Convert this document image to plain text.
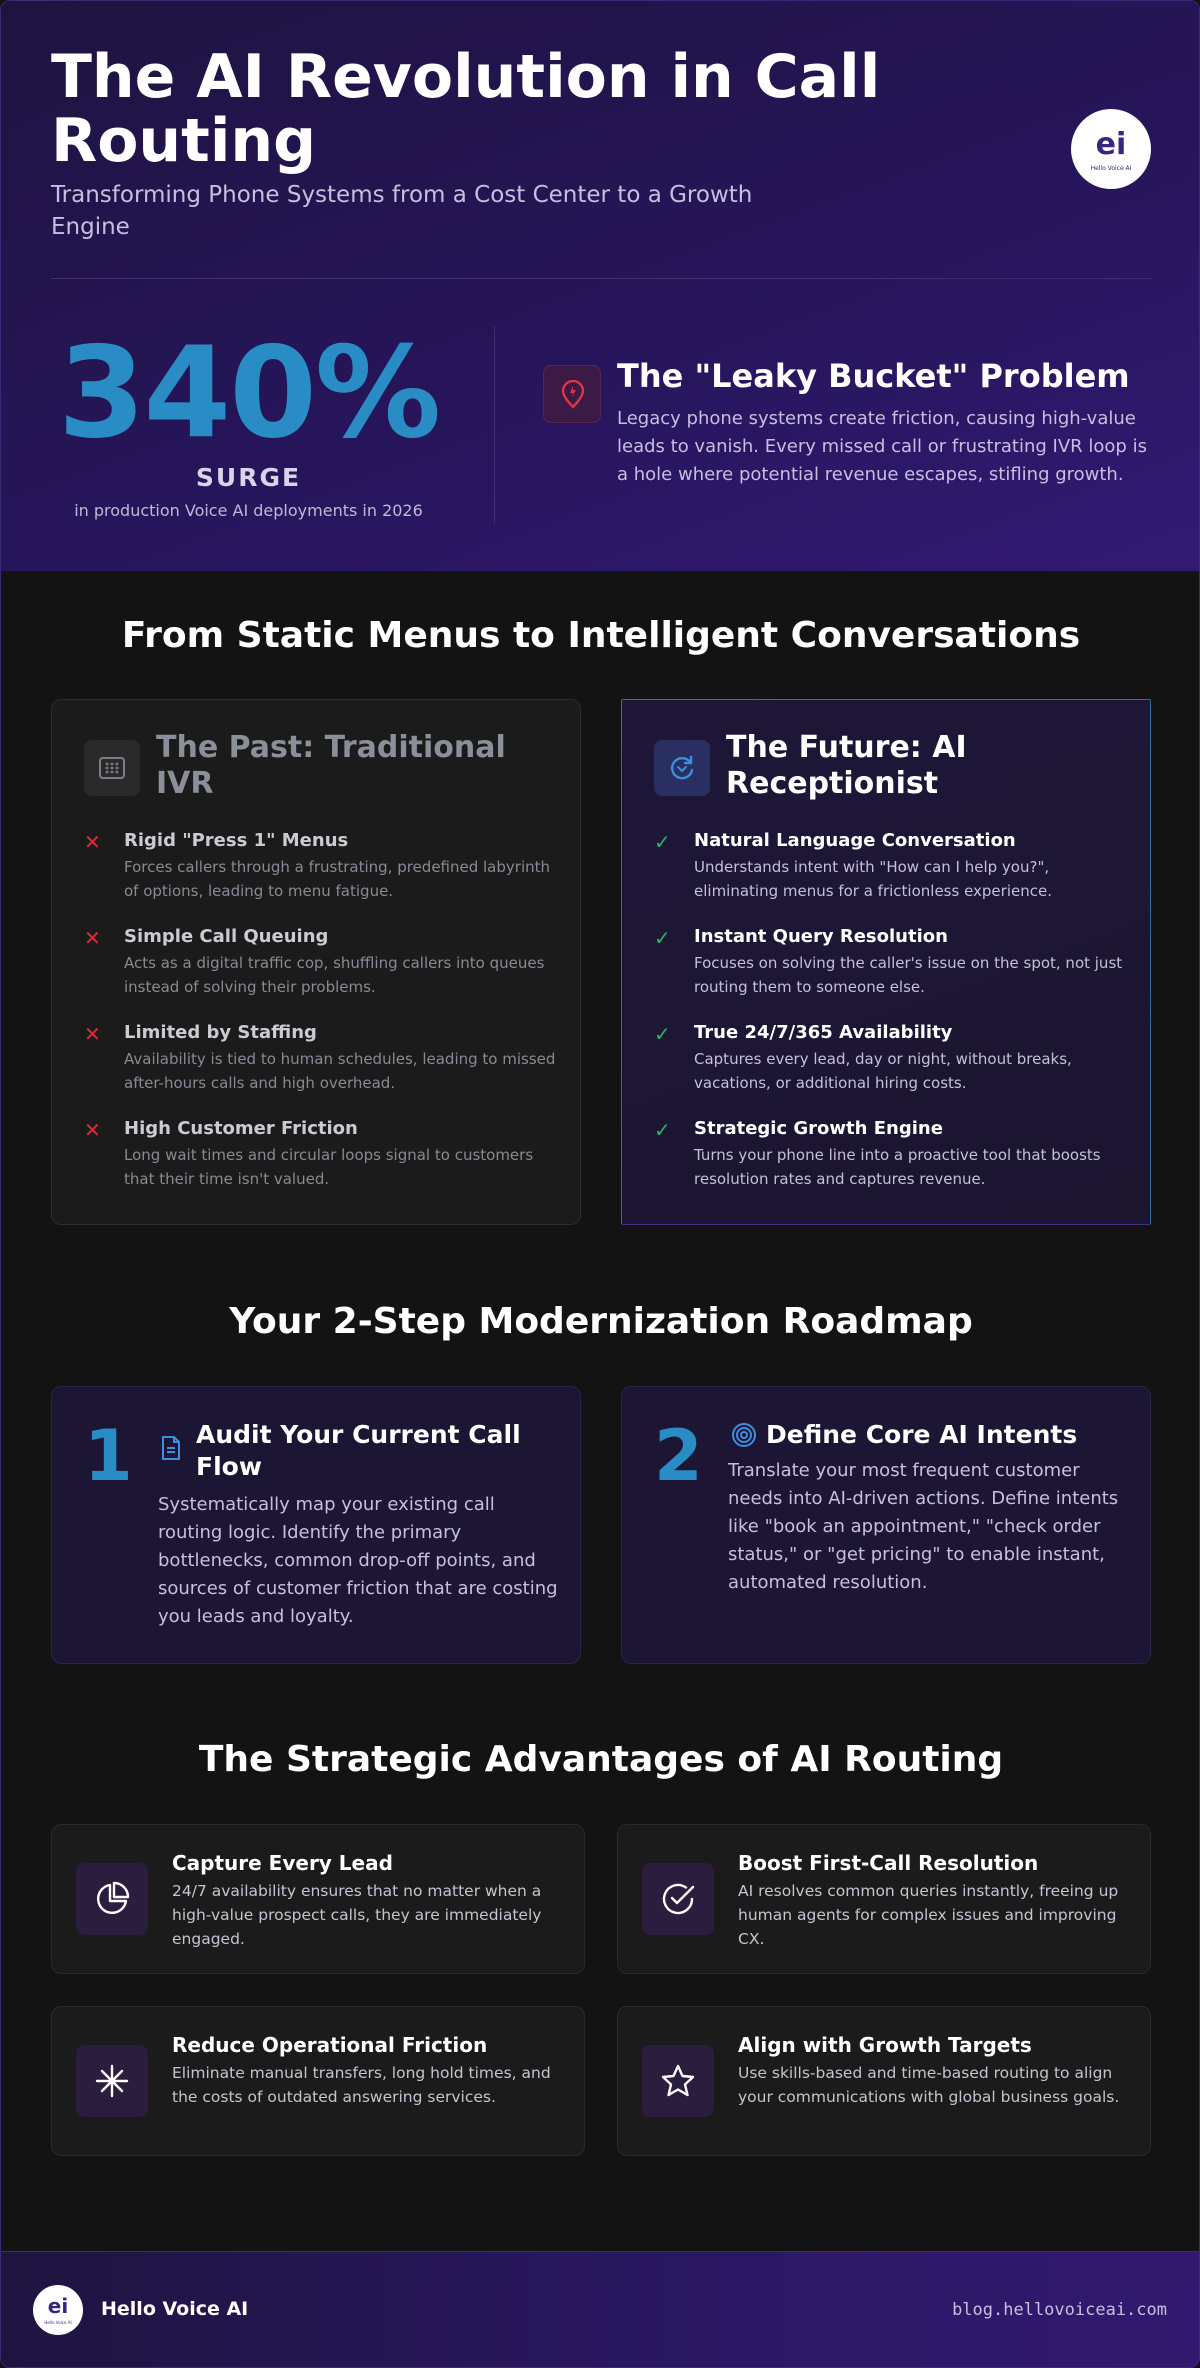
The AI Revolution in Call Routing

Transforming Phone Systems from a Cost Center to a Growth Engine

ei
Hello Voice AI
340%
SURGE
in production Voice AI deployments in 2026
The "Leaky Bucket" Problem

Legacy phone systems create friction, causing high-value leads to vanish. Every missed call or frustrating IVR loop is a hole where potential revenue escapes, stifling growth.

From Static Menus to Intelligent Conversations
The Past: Traditional IVR
✕	Rigid "Press 1" Menus
Forces callers through a frustrating, predefined labyrinth of options, leading to menu fatigue.
✕	Simple Call Queuing
Acts as a digital traffic cop, shuffling callers into queues instead of solving their problems.
✕	Limited by Staffing
Availability is tied to human schedules, leading to missed after-hours calls and high overhead.
✕	High Customer Friction
Long wait times and circular loops signal to customers that their time isn't valued.
The Future: AI Receptionist
✓	Natural Language Conversation
Understands intent with "How can I help you?", eliminating menus for a frictionless experience.
✓	Instant Query Resolution
Focuses on solving the caller's issue on the spot, not just routing them to someone else.
✓	True 24/7/365 Availability
Captures every lead, day or night, without breaks, vacations, or additional hiring costs.
✓	Strategic Growth Engine
Turns your phone line into a proactive tool that boosts resolution rates and captures revenue.
Your 2-Step Modernization Roadmap
1	Audit Your Current Call Flow

Systematically map your existing call routing logic. Identify the primary bottlenecks, common drop-off points, and sources of customer friction that are costing you leads and loyalty.

2	Define Core AI Intents

Translate your most frequent customer needs into AI-driven actions. Define intents like "book an appointment," "check order status," or "get pricing" to enable instant, automated resolution.

The Strategic Advantages of AI Routing
Capture Every Lead
24/7 availability ensures that no matter when a high-value prospect calls, they are immediately engaged.
Boost First-Call Resolution
AI resolves common queries instantly, freeing up human agents for complex issues and improving CX.
Reduce Operational Friction
Eliminate manual transfers, long hold times, and the costs of outdated answering services.
Align with Growth Targets
Use skills-based and time-based routing to align your communications with global business goals.
ei
Hello Voice AI
Hello Voice AI	blog.hellovoiceai.com
